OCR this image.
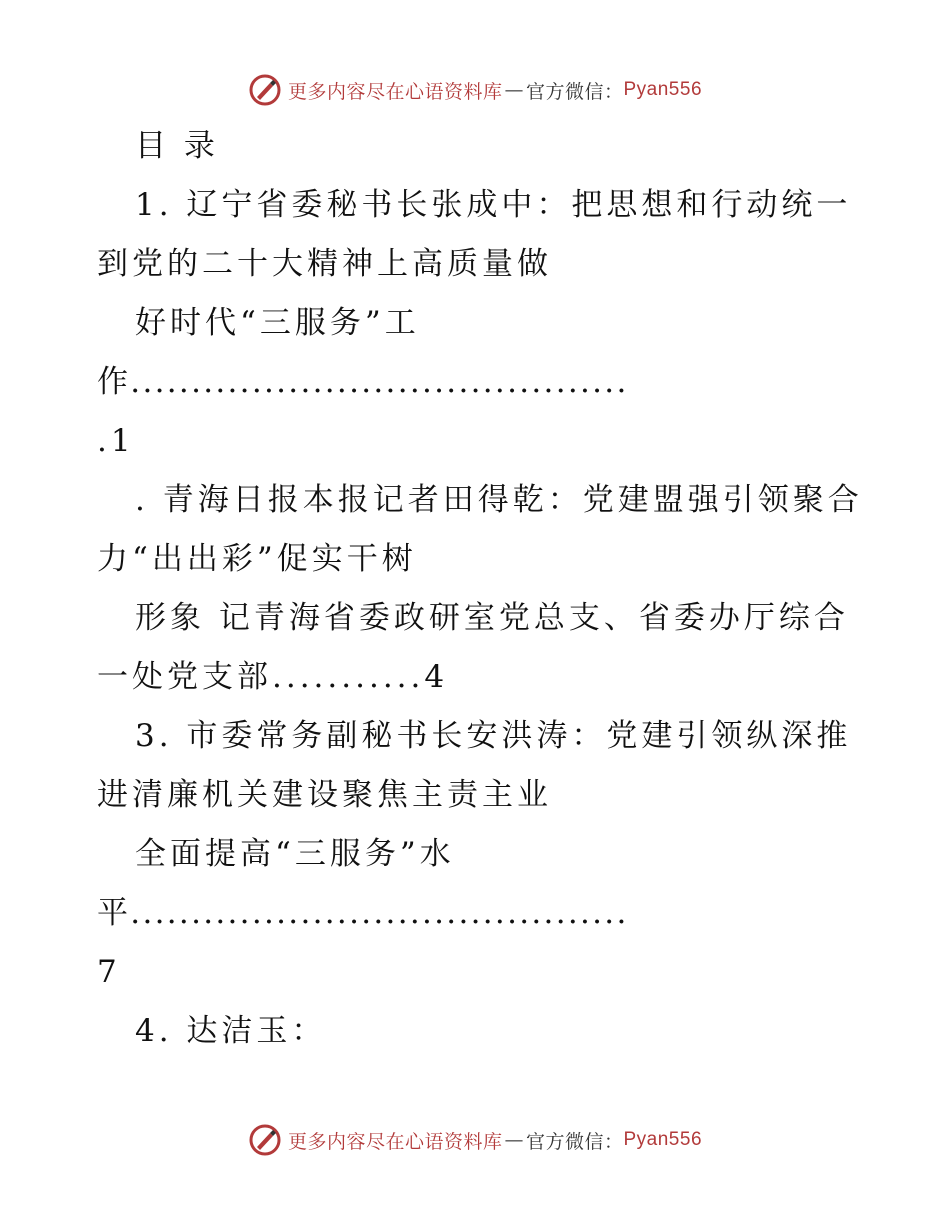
更多内容尽在心语资料库 — 官方微信： Pyan556
目 录
1. 辽宁省委秘书长张成中：把思想和行动统一
到党的二十大精神上高质量做
好时代“三服务”工
作.........................................
.1
. 青海日报本报记者田得乾：党建盟强引领聚合
力“出出彩”促实干树
形象 记青海省委政研室党总支、省委办厅综合
一处党支部...........4
3. 市委常务副秘书长安洪涛：党建引领纵深推
进清廉机关建设聚焦主责主业
全面提高“三服务”水
平.........................................
7
4. 达洁玉：
更多内容尽在心语资料库 — 官方微信： Pyan556
